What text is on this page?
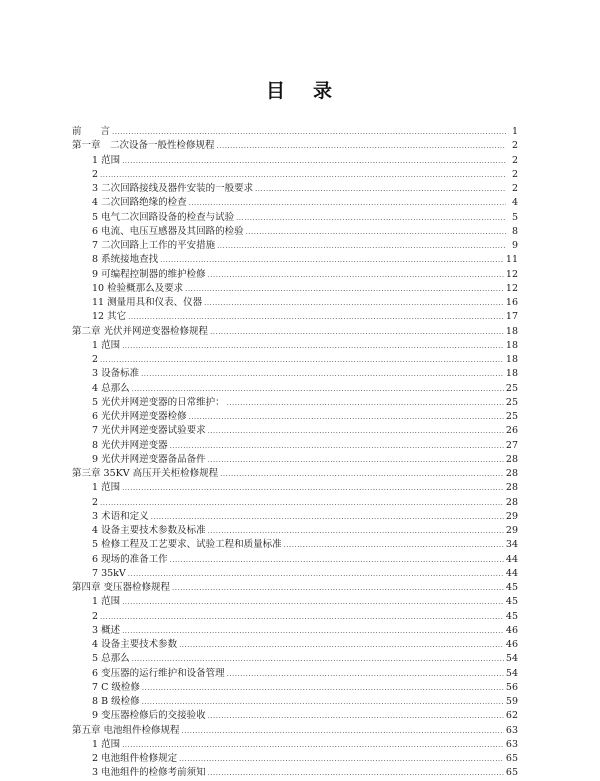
目 录
前　　言 .....	1
第一章　二次设备一般性检修规程 .....	2
1 范围 .....	2
2 .....	2
3 二次回路接线及器件安装的一般要求 .....	2
4 二次回路绝缘的检查 .....	4
5 电气二次回路设备的检查与试验 .....	5
6 电流、电压互感器及其回路的检验 .....	8
7 二次回路上工作的平安措施 .....	9
8 系统接地查找 .....	11
9 可编程控制器的维护检修 .....	12
10 检验概那么及要求 .....	12
11 测量用具和仪表、仪器 .....	16
12 其它 .....	17
第二章 光伏并网逆变器检修规程 .....	18
1 范围 .....	18
2 .....	18
3 设备标准 .....	18
4 总那么 .....	25
5 光伏并网逆变器的日常维护： .....	25
6 光伏并网逆变器检修 .....	25
7 光伏并网逆变器试验要求 .....	26
8 光伏并网逆变器 .....	27
9 光伏并网逆变器备品备件 .....	28
第三章 35KV 高压开关柜检修规程 .....	28
1 范围 .....	28
2 .....	28
3 术语和定义 .....	29
4 设备主要技术参数及标准 .....	29
5 检修工程及工艺要求、试验工程和质量标准 .....	34
6 现场的准备工作 .....	44
7 35kV .....	44
第四章 变压器检修规程 .....	45
1 范围 .....	45
2 .....	45
3 概述 .....	46
4 设备主要技术参数 .....	46
5 总那么 .....	54
6 变压器的运行维护和设备管理 .....	54
7 C 级检修 .....	56
8 B 级检修 .....	59
9 变压器检修后的交接验收 .....	62
第五章 电池组件检修规程 .....	63
1 范围 .....	63
2 电池组件检修规定 .....	65
3 电池组件的检修考前须知 .....	65
